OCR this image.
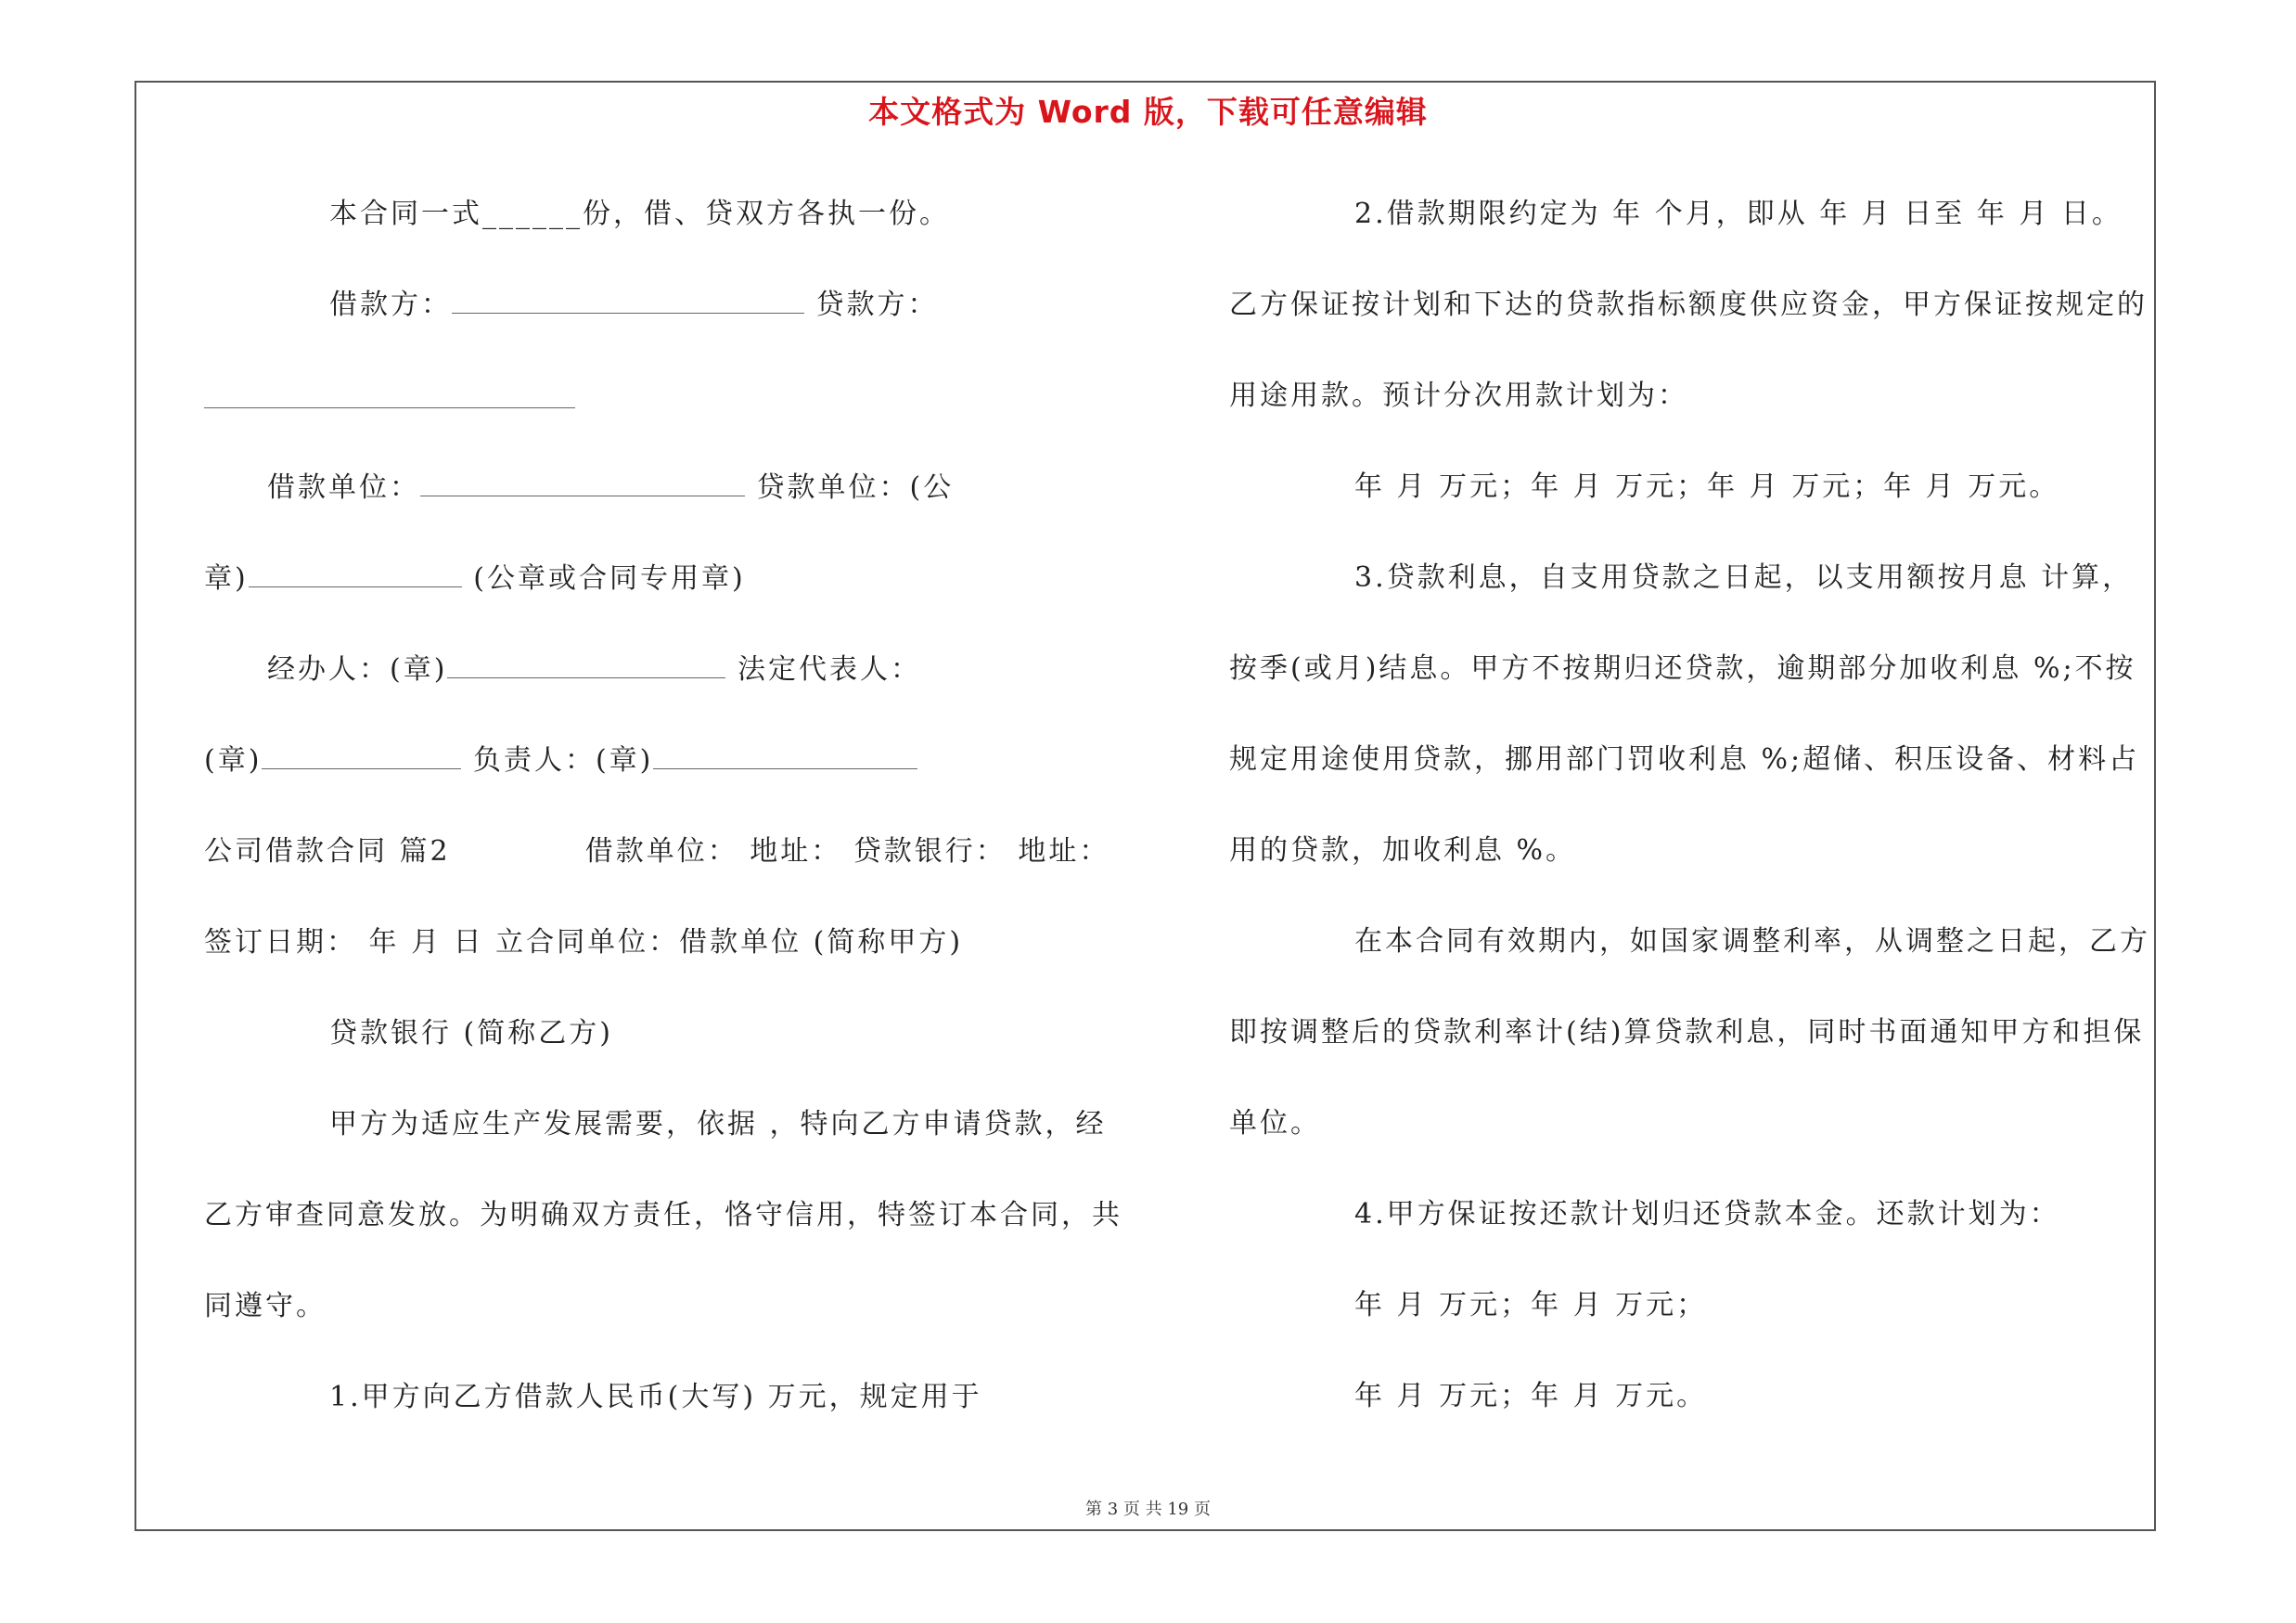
本文格式为 Word 版，下载可任意编辑
本合同一式______份，借、贷双方各执一份。
借款方：	贷款方：
借款单位：	贷款单位：(公
章)	(公章或合同专用章)
经办人：(章)	法定代表人：
(章)	负责人：(章)
公司借款合同 篇2	借款单位： 地址： 贷款银行： 地址：
签订日期： 年 月 日 立合同单位：借款单位 (简称甲方)
贷款银行 (简称乙方)
甲方为适应生产发展需要，依据 ，特向乙方申请贷款，经
乙方审查同意发放。为明确双方责任，恪守信用，特签订本合同，共
同遵守。
1.甲方向乙方借款人民币(大写) 万元，规定用于
2.借款期限约定为 年 个月，即从 年 月 日至 年 月 日。
乙方保证按计划和下达的贷款指标额度供应资金，甲方保证按规定的
用途用款。预计分次用款计划为：
年 月 万元；年 月 万元；年 月 万元；年 月 万元。
3.贷款利息，自支用贷款之日起，以支用额按月息 计算，
按季(或月)结息。甲方不按期归还贷款，逾期部分加收利息 %;不按
规定用途使用贷款，挪用部门罚收利息 %;超储、积压设备、材料占
用的贷款，加收利息 %。
在本合同有效期内，如国家调整利率，从调整之日起，乙方
即按调整后的贷款利率计(结)算贷款利息，同时书面通知甲方和担保
单位。
4.甲方保证按还款计划归还贷款本金。还款计划为：
年 月 万元；年 月 万元；
年 月 万元；年 月 万元。
第 3 页 共 19 页
